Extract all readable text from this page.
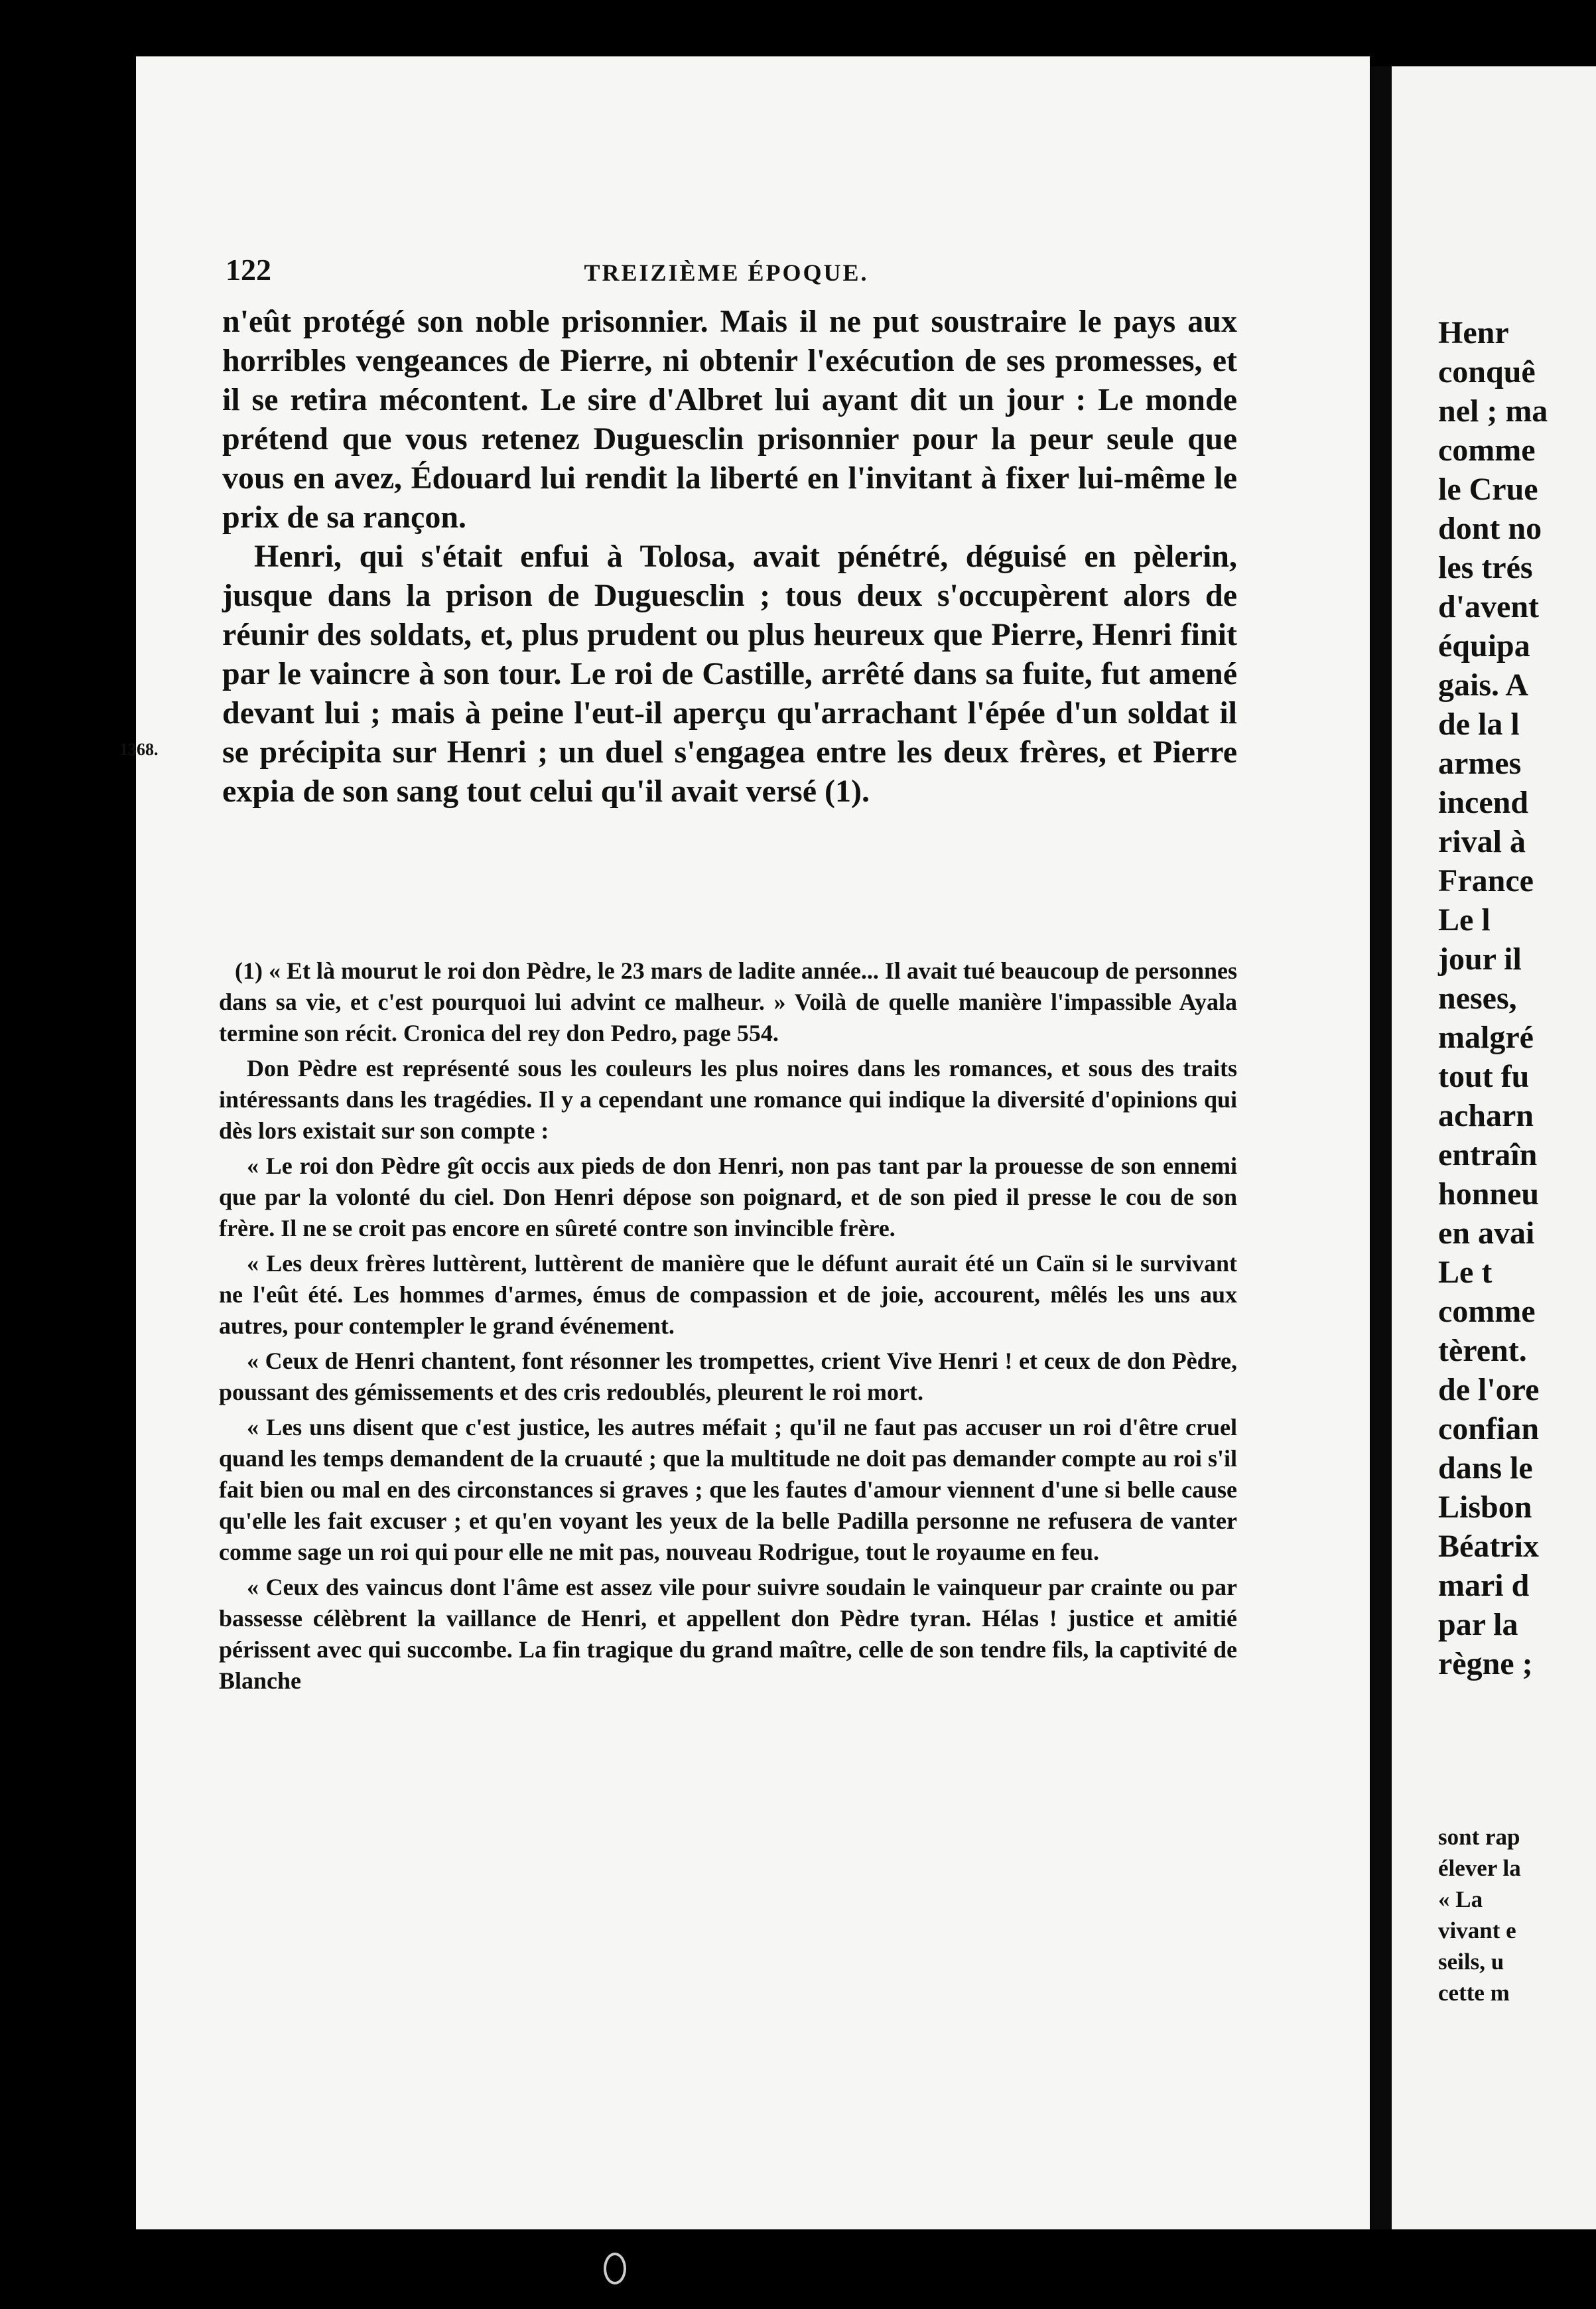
122	TREIZIÈME ÉPOQUE.
1368.

n'eût protégé son noble prisonnier. Mais il ne put soustraire le pays aux horribles vengeances de Pierre, ni obtenir l'exécution de ses promesses, et il se retira mécontent. Le sire d'Albret lui ayant dit un jour : Le monde prétend que vous retenez Duguesclin prisonnier pour la peur seule que vous en avez, Édouard lui rendit la liberté en l'invitant à fixer lui-même le prix de sa rançon.

Henri, qui s'était enfui à Tolosa, avait pénétré, déguisé en pèlerin, jusque dans la prison de Duguesclin ; tous deux s'occupèrent alors de réunir des soldats, et, plus prudent ou plus heureux que Pierre, Henri finit par le vaincre à son tour. Le roi de Castille, arrêté dans sa fuite, fut amené devant lui ; mais à peine l'eut-il aperçu qu'arrachant l'épée d'un soldat il se précipita sur Henri ; un duel s'engagea entre les deux frères, et Pierre expia de son sang tout celui qu'il avait versé (1).

(1) « Et là mourut le roi don Pèdre, le 23 mars de ladite année... Il avait tué beaucoup de personnes dans sa vie, et c'est pourquoi lui advint ce malheur. » Voilà de quelle manière l'impassible Ayala termine son récit. Cronica del rey don Pedro, page 554.

Don Pèdre est représenté sous les couleurs les plus noires dans les romances, et sous des traits intéressants dans les tragédies. Il y a cependant une romance qui indique la diversité d'opinions qui dès lors existait sur son compte :

« Le roi don Pèdre gît occis aux pieds de don Henri, non pas tant par la prouesse de son ennemi que par la volonté du ciel. Don Henri dépose son poignard, et de son pied il presse le cou de son frère. Il ne se croit pas encore en sûreté contre son invincible frère.

« Les deux frères luttèrent, luttèrent de manière que le défunt aurait été un Caïn si le survivant ne l'eût été. Les hommes d'armes, émus de compassion et de joie, accourent, mêlés les uns aux autres, pour contempler le grand événement.

« Ceux de Henri chantent, font résonner les trompettes, crient Vive Henri ! et ceux de don Pèdre, poussant des gémissements et des cris redoublés, pleurent le roi mort.

« Les uns disent que c'est justice, les autres méfait ; qu'il ne faut pas accuser un roi d'être cruel quand les temps demandent de la cruauté ; que la multitude ne doit pas demander compte au roi s'il fait bien ou mal en des circonstances si graves ; que les fautes d'amour viennent d'une si belle cause qu'elle les fait excuser ; et qu'en voyant les yeux de la belle Padilla personne ne refusera de vanter comme sage un roi qui pour elle ne mit pas, nouveau Rodrigue, tout le royaume en feu.

« Ceux des vaincus dont l'âme est assez vile pour suivre soudain le vainqueur par crainte ou par bassesse célèbrent la vaillance de Henri, et appellent don Pèdre tyran. Hélas ! justice et amitié périssent avec qui succombe. La fin tragique du grand maître, celle de son tendre fils, la captivité de Blanche

Henr

conquê

nel ; ma

comme

le Crue

dont no

les trés

d'avent

équipa

gais. A

de la l

armes

incend

rival à

France

Le l

jour il

neses,

malgré

tout fu

acharn

entraîn

honneu

en avai

Le t

comme

tèrent.

de l'ore

confian

dans le

Lisbon

Béatrix

mari d

par la

règne ;

sont rap

élever la

« La

vivant e

seils, u

cette m
